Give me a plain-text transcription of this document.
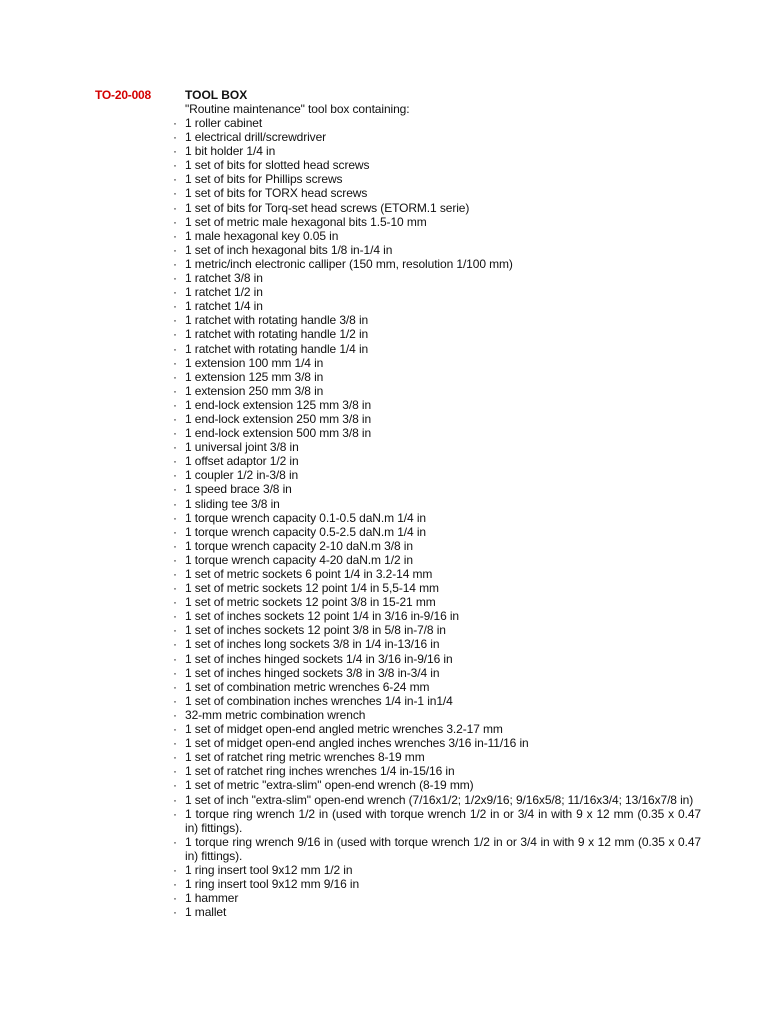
TO-20-008	TOOL BOX
"Routine maintenance" tool box containing:
· 1 roller cabinet
· 1 electrical drill/screwdriver
· 1 bit holder 1/4 in
· 1 set of bits for slotted head screws
· 1 set of bits for Phillips screws
· 1 set of bits for TORX head screws
· 1 set of bits for Torq-set head screws (ETORM.1 serie)
· 1 set of metric male hexagonal bits 1.5-10 mm
· 1 male hexagonal key 0.05 in
· 1 set of inch hexagonal bits 1/8 in-1/4 in
· 1 metric/inch electronic calliper (150 mm, resolution 1/100 mm)
· 1 ratchet 3/8 in
· 1 ratchet 1/2 in
· 1 ratchet 1/4 in
· 1 ratchet with rotating handle 3/8 in
· 1 ratchet with rotating handle 1/2 in
· 1 ratchet with rotating handle 1/4 in
· 1 extension 100 mm 1/4 in
· 1 extension 125 mm 3/8 in
· 1 extension 250 mm 3/8 in
· 1 end-lock extension 125 mm 3/8 in
· 1 end-lock extension 250 mm 3/8 in
· 1 end-lock extension 500 mm 3/8 in
· 1 universal joint 3/8 in
· 1 offset adaptor 1/2 in
· 1 coupler 1/2 in-3/8 in
· 1 speed brace 3/8 in
· 1 sliding tee 3/8 in
· 1 torque wrench capacity 0.1-0.5 daN.m 1/4 in
· 1 torque wrench capacity 0.5-2.5 daN.m 1/4 in
· 1 torque wrench capacity 2-10 daN.m 3/8 in
· 1 torque wrench capacity 4-20 daN.m 1/2 in
· 1 set of metric sockets 6 point 1/4 in 3.2-14 mm
· 1 set of metric sockets 12 point 1/4 in 5,5-14 mm
· 1 set of metric sockets 12 point 3/8 in 15-21 mm
· 1 set of inches sockets 12 point 1/4 in 3/16 in-9/16 in
· 1 set of inches sockets 12 point 3/8 in 5/8 in-7/8 in
· 1 set of inches long sockets 3/8 in 1/4 in-13/16 in
· 1 set of inches hinged sockets 1/4 in 3/16 in-9/16 in
· 1 set of inches hinged sockets 3/8 in 3/8 in-3/4 in
· 1 set of combination metric wrenches 6-24 mm
· 1 set of combination inches wrenches 1/4 in-1 in1/4
· 32-mm metric combination wrench
· 1 set of midget open-end angled metric wrenches 3.2-17 mm
· 1 set of midget open-end angled inches wrenches 3/16 in-11/16 in
· 1 set of ratchet ring metric wrenches 8-19 mm
· 1 set of ratchet ring inches wrenches 1/4 in-15/16 in
· 1 set of metric "extra-slim" open-end wrench (8-19 mm)
· 1 set of inch "extra-slim" open-end wrench (7/16x1/2; 1/2x9/16; 9/16x5/8; 11/16x3/4; 13/16x7/8 in)
· 1 torque ring wrench 1/2 in (used with torque wrench 1/2 in or 3/4 in with 9 x 12 mm (0.35 x 0.47 in) fittings).
· 1 torque ring wrench 9/16 in (used with torque wrench 1/2 in or 3/4 in with 9 x 12 mm (0.35 x 0.47 in) fittings).
· 1 ring insert tool 9x12 mm 1/2 in
· 1 ring insert tool 9x12 mm 9/16 in
· 1 hammer
· 1 mallet
